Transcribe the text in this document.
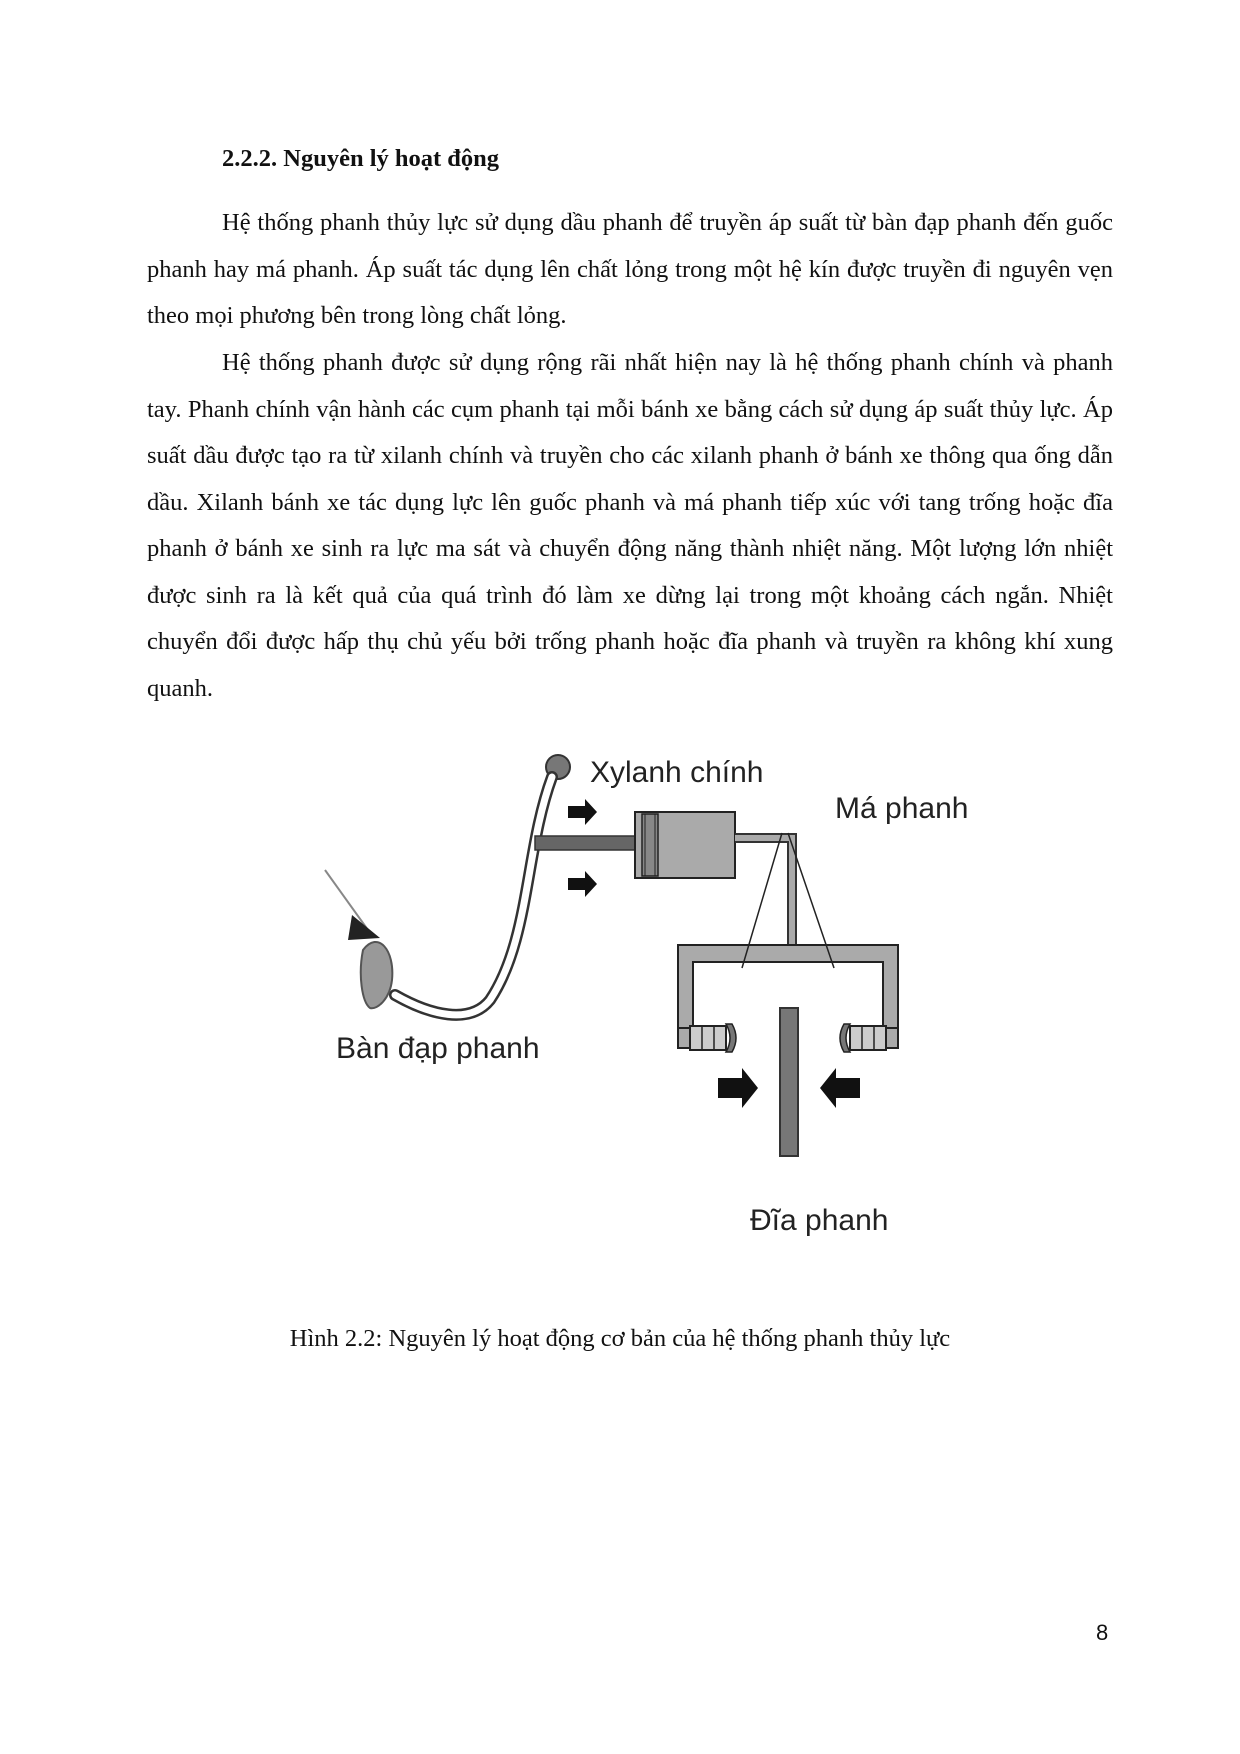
2.2.2. Nguyên lý hoạt động

Hệ thống phanh thủy lực sử dụng dầu phanh để truyền áp suất từ bàn đạp phanh đến guốc phanh hay má phanh. Áp suất tác dụng lên chất lỏng trong một hệ kín được truyền đi nguyên vẹn theo mọi phương bên trong lòng chất lỏng.

Hệ thống phanh được sử dụng rộng rãi nhất hiện nay là hệ thống phanh chính và phanh tay. Phanh chính vận hành các cụm phanh tại mỗi bánh xe bằng cách sử dụng áp suất thủy lực. Áp suất dầu được tạo ra từ xilanh chính và truyền cho các xilanh phanh ở bánh xe thông qua ống dẫn dầu. Xilanh bánh xe tác dụng lực lên guốc phanh và má phanh tiếp xúc với tang trống hoặc đĩa phanh ở bánh xe sinh ra lực ma sát và chuyển động năng thành nhiệt năng. Một lượng lớn nhiệt được sinh ra là kết quả của quá trình đó làm xe dừng lại trong một khoảng cách ngắn. Nhiệt chuyển đổi được hấp thụ chủ yếu bởi trống phanh hoặc đĩa phanh và truyền ra không khí xung quanh.

Xylanh chính
Má phanh
Bàn đạp phanh
Đĩa phanh
Hình 2.2: Nguyên lý hoạt động cơ bản của hệ thống phanh thủy lực
8
